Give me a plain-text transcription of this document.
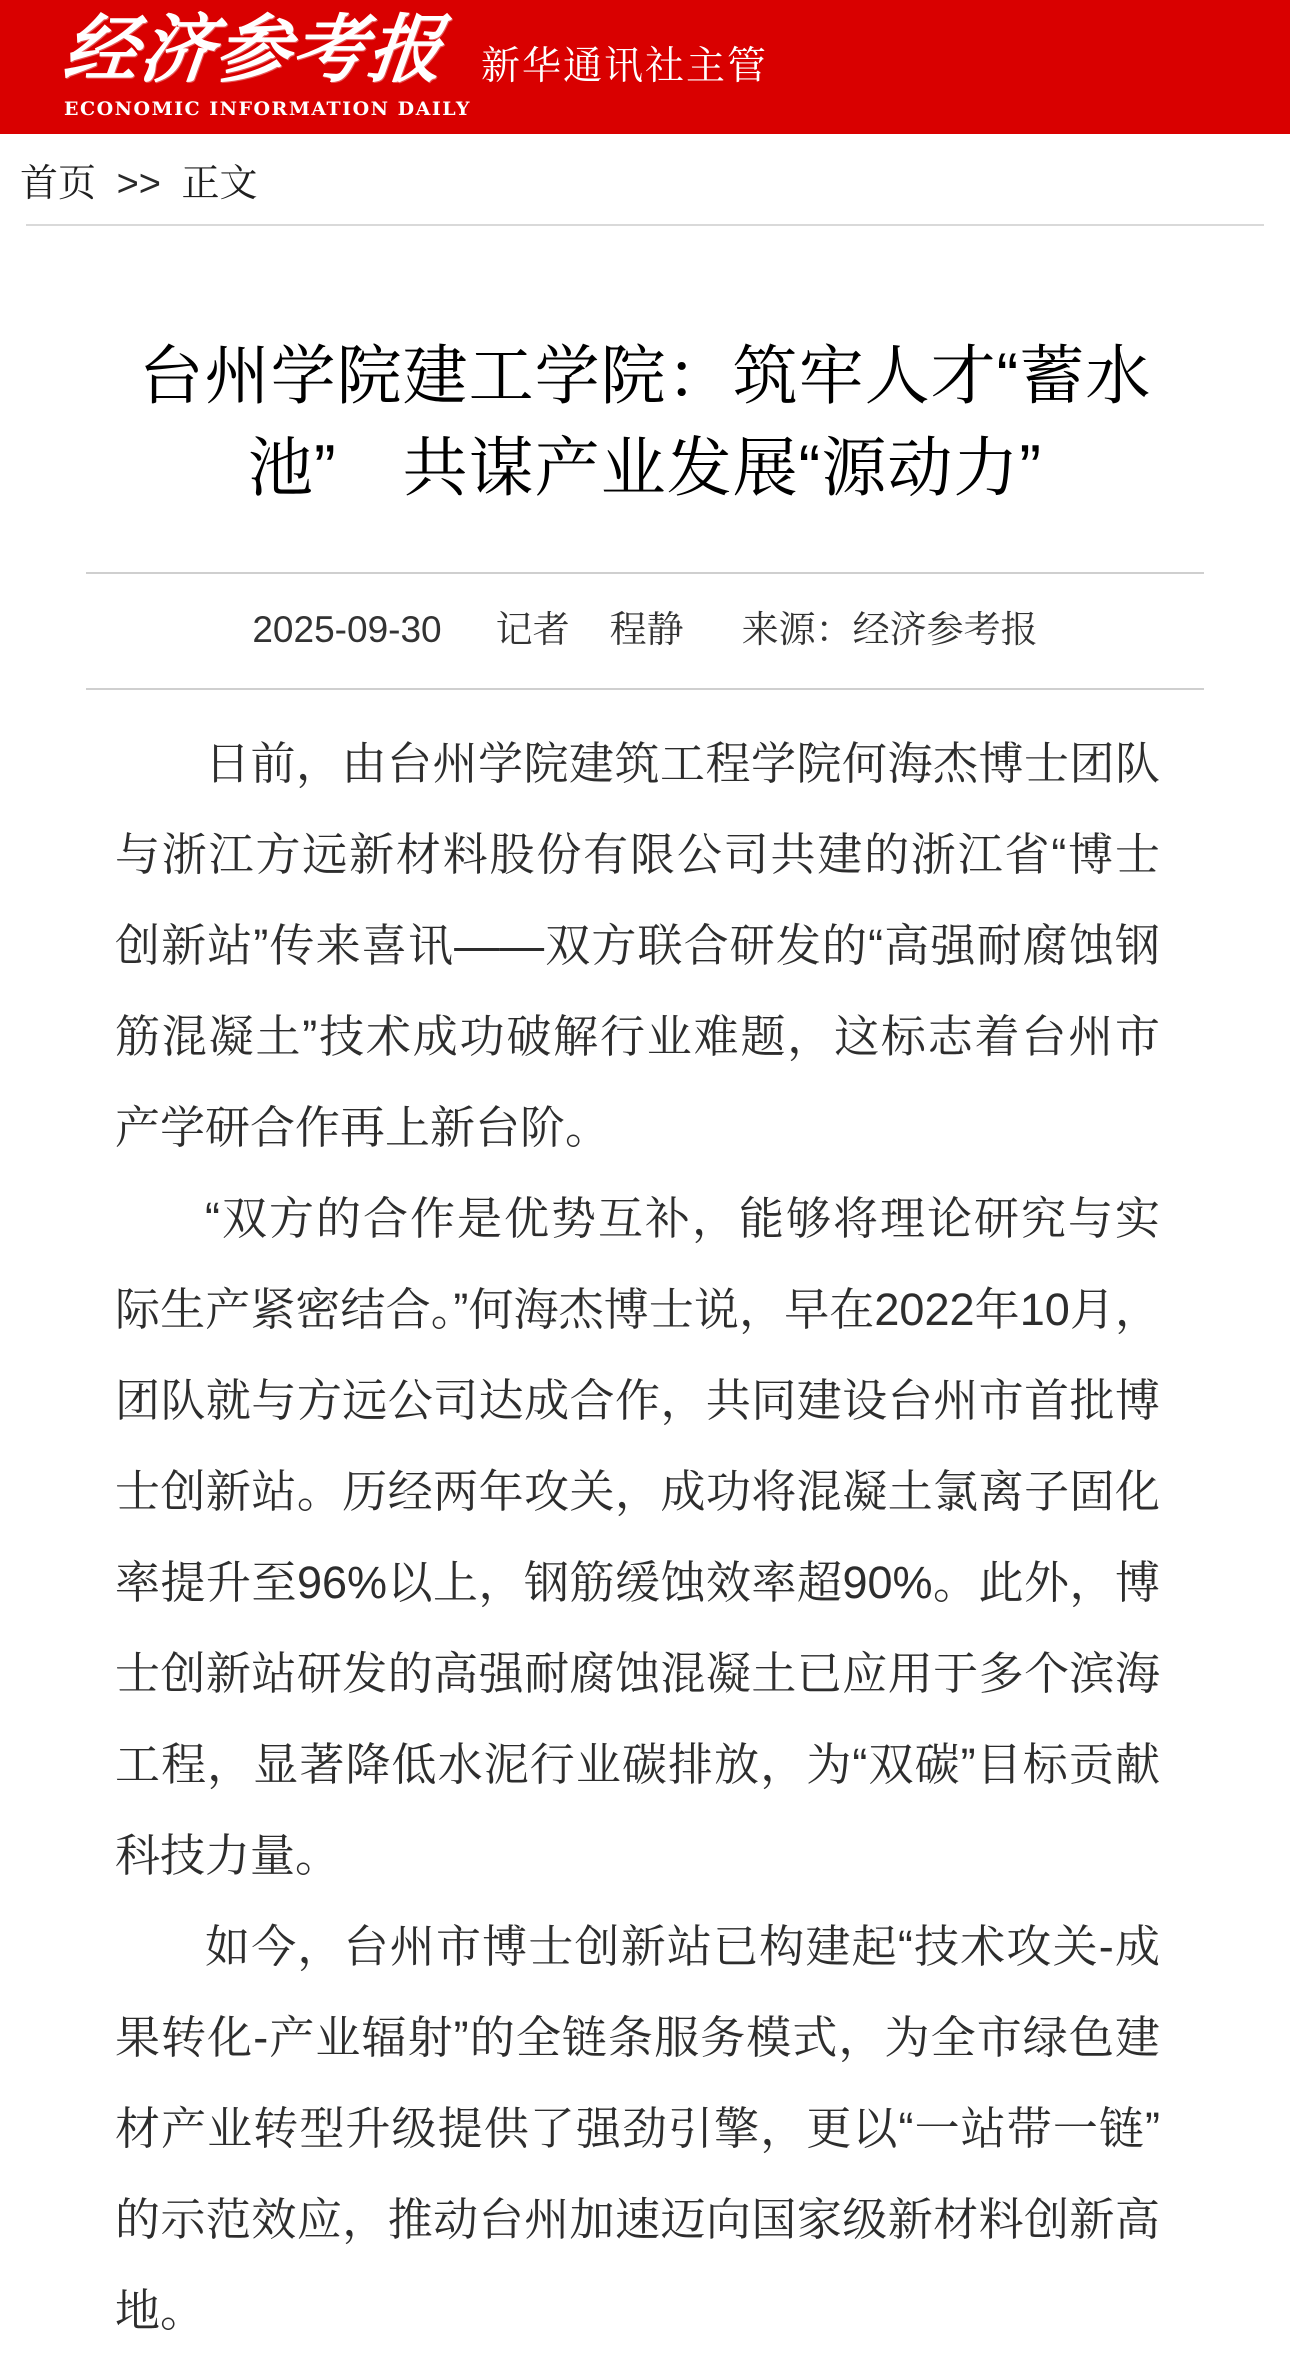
经济参考报
ECONOMIC INFORMATION DAILY
新华通讯社主管
首页 >> 正文
台州学院建工学院：筑牢人才“蓄水池”　共谋产业发展“源动力”
2025-09-30 记者 程静 来源： 经济参考报

日前，由台州学院建筑工程学院何海杰博士团队与浙江方远新材料股份有限公司共建的浙江省“博士创新站”传来喜讯——双方联合研发的“高强耐腐蚀钢筋混凝土”技术成功破解行业难题，这标志着台州市产学研合作再上新台阶。

“双方的合作是优势互补，能够将理论研究与实际生产紧密结合。”何海杰博士说，早在2022年10月，团队就与方远公司达成合作，共同建设台州市首批博士创新站。历经两年攻关，成功将混凝土氯离子固化率提升至96%以上，钢筋缓蚀效率超90%。此外，博士创新站研发的高强耐腐蚀混凝土已应用于多个滨海工程，显著降低水泥行业碳排放，为“双碳”目标贡献科技力量。

如今，台州市博士创新站已构建起“技术攻关-成果转化-产业辐射”的全链条服务模式，为全市绿色建材产业转型升级提供了强劲引擎，更以“一站带一链”的示范效应，推动台州加速迈向国家级新材料创新高地。
